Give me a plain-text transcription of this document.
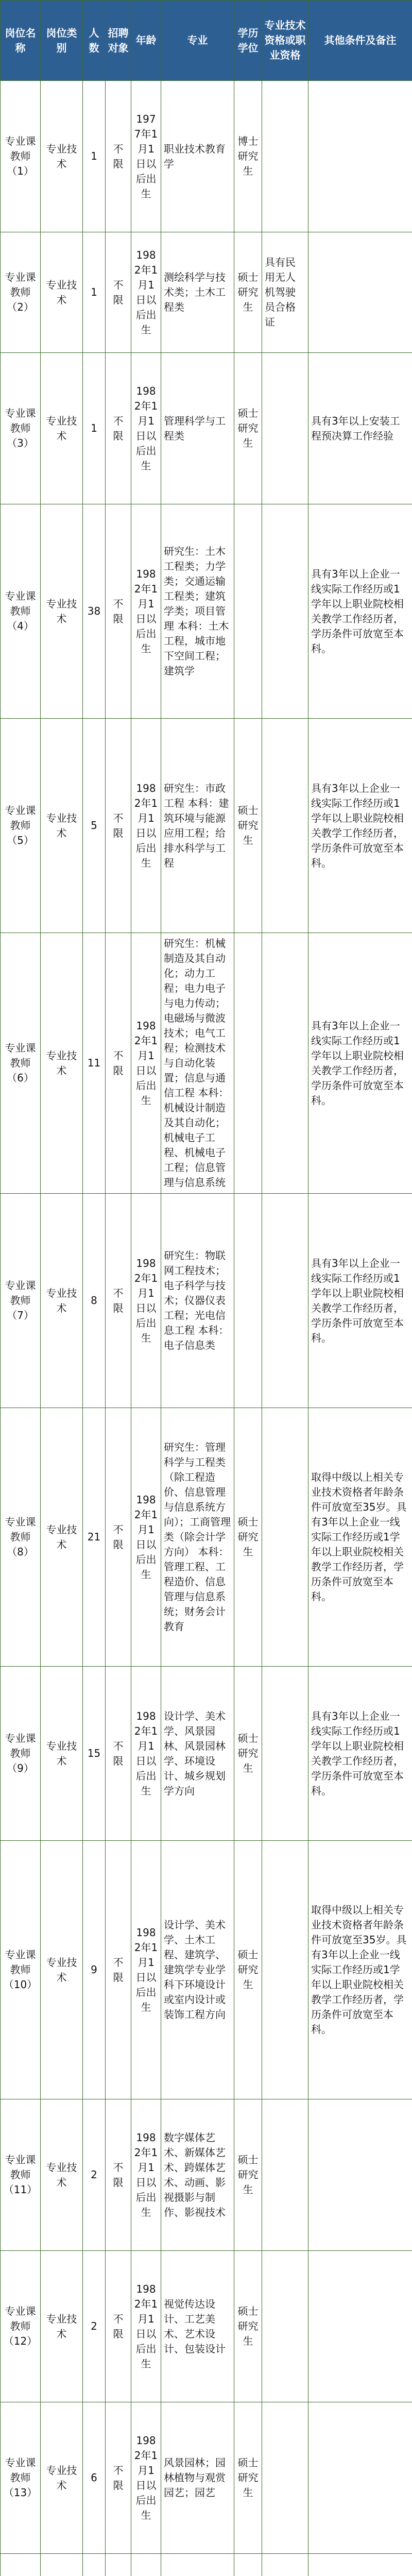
岗位名称	岗位类别	人数	招聘对象	年龄	专业	学历学位	专业技术资格或职业资格	其他条件及备注
专业课教师（1）	专业技术	1	不限	1977年1月1日以后出生	职业技术教育学	博士研究生		
专业课教师（2）	专业技术	1	不限	1982年1月1日以后出生	测绘科学与技术类；土木工程类	硕士研究生	具有民用无人机驾驶员合格证	
专业课教师（3）	专业技术	1	不限	1982年1月1日以后出生	管理科学与工程类	硕士研究生		具有3年以上安装工程预决算工作经验
专业课教师（4）	专业技术	38	不限	1982年1月1日以后出生	研究生：土木工程类；力学类；交通运输工程类；建筑学类；项目管理 本科：土木工程，城市地下空间工程；建筑学			具有3年以上企业一线实际工作经历或1学年以上职业院校相关教学工作经历者，学历条件可放宽至本科。
专业课教师（5）	专业技术	5	不限	1982年1月1日以后出生	研究生：市政工程 本科：建筑环境与能源应用工程；给排水科学与工程	硕士研究生		具有3年以上企业一线实际工作经历或1学年以上职业院校相关教学工作经历者，学历条件可放宽至本科。
专业课教师（6）	专业技术	11	不限	1982年1月1日以后出生	研究生：机械制造及其自动化；动力工程；电力电子与电力传动；电磁场与微波技术；电气工程；检测技术与自动化装置；信息与通信工程 本科：机械设计制造及其自动化；机械电子工程、机械电子工程；信息管理与信息系统			具有3年以上企业一线实际工作经历或1学年以上职业院校相关教学工作经历者，学历条件可放宽至本科。
专业课教师（7）	专业技术	8	不限	1982年1月1日以后出生	研究生：物联网工程技术；电子科学与技术；仪器仪表工程；光电信息工程 本科：电子信息类			具有3年以上企业一线实际工作经历或1学年以上职业院校相关教学工作经历者，学历条件可放宽至本科。
专业课教师（8）	专业技术	21	不限	1982年1月1日以后出生	研究生：管理科学与工程类（除工程造价、信息管理与信息系统方向）；工商管理类（除会计学方向） 本科：管理工程、工程造价、信息管理与信息系统；财务会计教育	硕士研究生		取得中级以上相关专业技术资格者年龄条件可放宽至35岁。具有3年以上企业一线实际工作经历或1学年以上职业院校相关教学工作经历者，学历条件可放宽至本科。
专业课教师（9）	专业技术	15	不限	1982年1月1日以后出生	设计学、美术学、风景园林、风景园林学、环境设计、城乡规划学方向	硕士研究生		具有3年以上企业一线实际工作经历或1学年以上职业院校相关教学工作经历者，学历条件可放宽至本科。
专业课教师（10）	专业技术	9	不限	1982年1月1日以后出生	设计学、美术学、土木工程、建筑学、建筑学专业学科下环境设计或室内设计或装饰工程方向	硕士研究生		取得中级以上相关专业技术资格者年龄条件可放宽至35岁。具有3年以上企业一线实际工作经历或1学年以上职业院校相关教学工作经历者，学历条件可放宽至本科。
专业课教师（11）	专业技术	2	不限	1982年1月1日以后出生	数字媒体艺术、新媒体艺术、跨媒体艺术、动画、影视摄影与制作、影视技术	硕士研究生		
专业课教师（12）	专业技术	2	不限	1982年1月1日以后出生	视觉传达设计、工艺美术、艺术设计、包装设计	硕士研究生		
专业课教师（13）	专业技术	6	不限	1982年1月1日以后出生	风景园林；园林植物与观赏园艺；园艺	硕士研究生		
